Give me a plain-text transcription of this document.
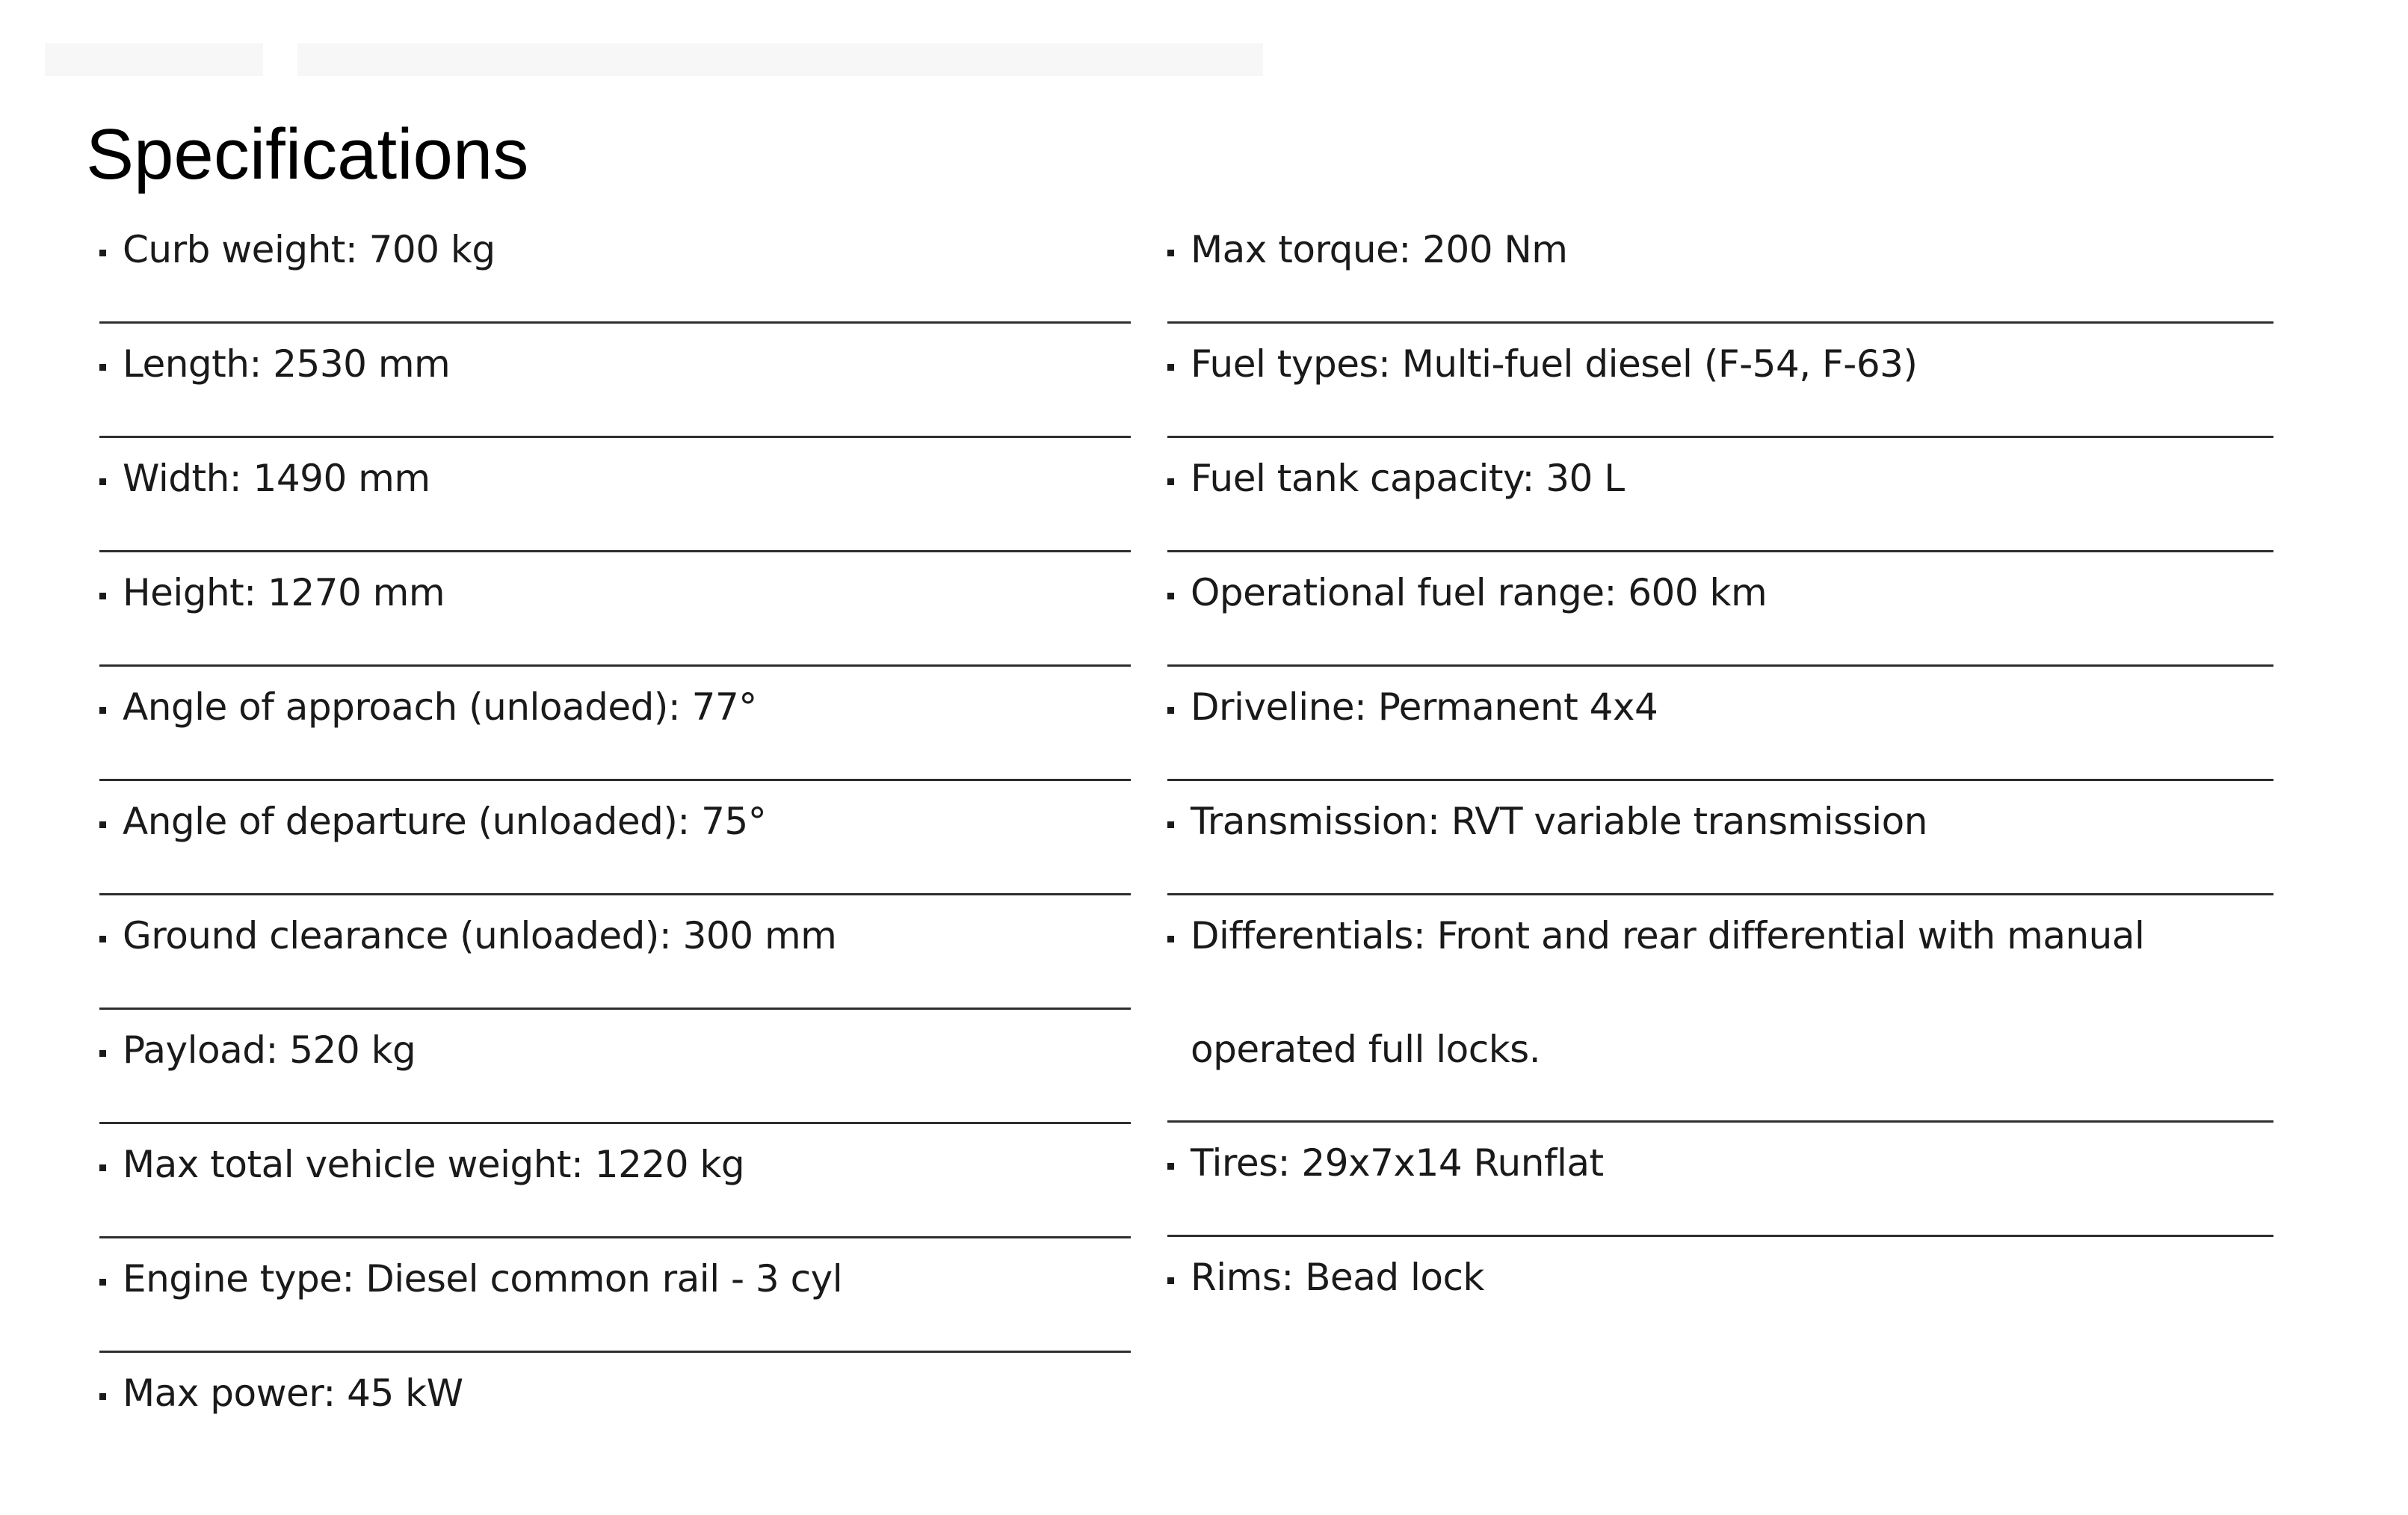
Specifications
Curb weight: 700 kg
Length: 2530 mm
Width: 1490 mm
Height: 1270 mm
Angle of approach (unloaded): 77°
Angle of departure (unloaded): 75°
Ground clearance (unloaded): 300 mm
Payload: 520 kg
Max total vehicle weight: 1220 kg
Engine type: Diesel common rail - 3 cyl
Max power: 45 kW
Max torque: 200 Nm
Fuel types: Multi-fuel diesel (F-54, F-63)
Fuel tank capacity: 30 L
Operational fuel range: 600 km
Driveline: Permanent 4x4
Transmission: RVT variable transmission
Differentials: Front and rear differential with manual operated full locks.
Tires: 29x7x14 Runflat
Rims: Bead lock
